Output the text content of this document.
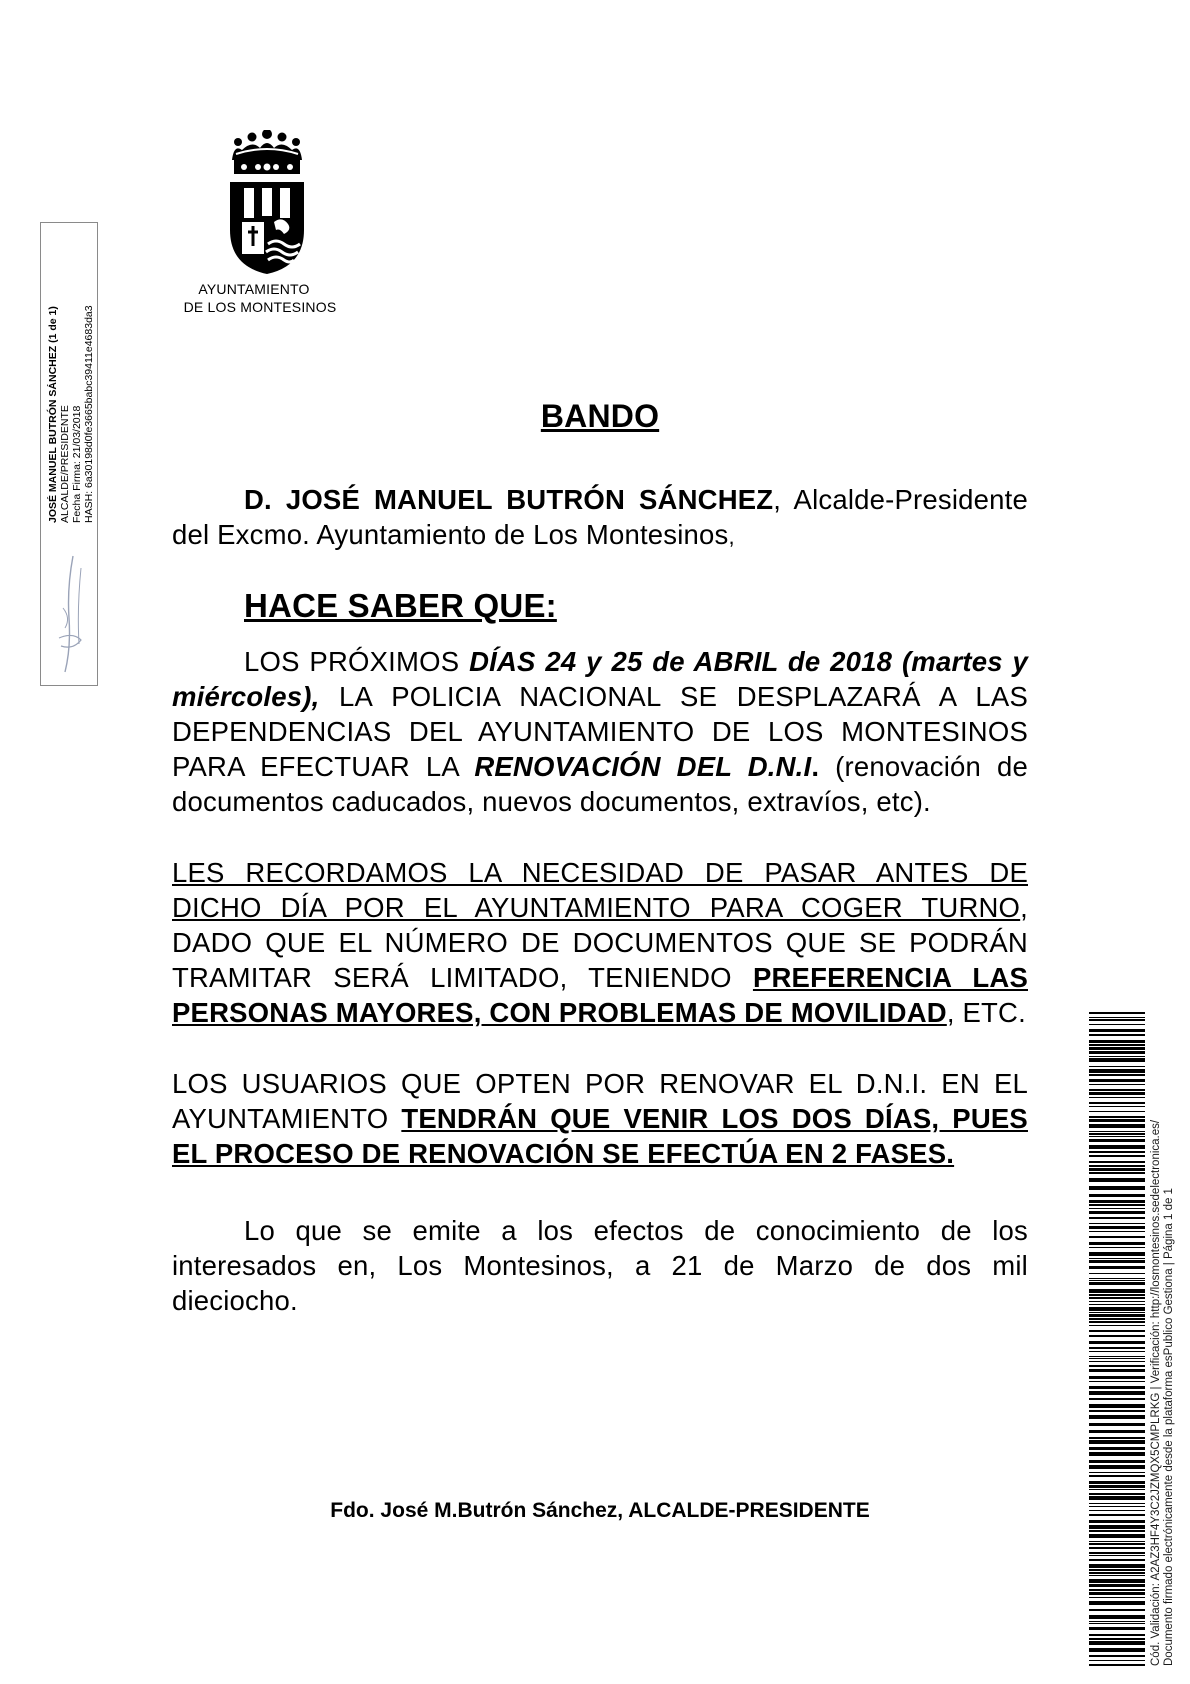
AYUNTAMIENTO
DE LOS MONTESINOS
JOSÉ MANUEL BUTRÓN SÁNCHEZ (1 de 1) ALCALDE/PRESIDENTE Fecha Firma: 21/03/2018 HASH: 6a30198d0fe3665babc39411e4683da3	BANDO

D. JOSÉ MANUEL BUTRÓN SÁNCHEZ, Alcalde-Presidente del Excmo. Ayuntamiento de Los Montesinos,

HACE SABER QUE:

LOS PRÓXIMOS DÍAS 24 y 25 de ABRIL de 2018 (martes y miércoles), LA POLICIA NACIONAL SE DESPLAZARÁ A LAS DEPENDENCIAS DEL AYUNTAMIENTO DE LOS MONTESINOS PARA EFECTUAR LA RENOVACIÓN DEL D.N.I. (renovación de documentos caducados, nuevos documentos, extravíos, etc).

LES RECORDAMOS LA NECESIDAD DE PASAR ANTES DE DICHO DÍA POR EL AYUNTAMIENTO PARA COGER TURNO, DADO QUE EL NÚMERO DE DOCUMENTOS QUE SE PODRÁN TRAMITAR SERÁ LIMITADO, TENIENDO PREFERENCIA LAS PERSONAS MAYORES, CON PROBLEMAS DE MOVILIDAD, ETC.

LOS USUARIOS QUE OPTEN POR RENOVAR EL D.N.I. EN EL AYUNTAMIENTO TENDRÁN QUE VENIR LOS DOS DÍAS, PUES EL PROCESO DE RENOVACIÓN SE EFECTÚA EN 2 FASES.

Lo que se emite a los efectos de conocimiento de los interesados en, Los Montesinos, a 21 de Marzo de dos mil dieciocho.

Fdo. José M.Butrón Sánchez, ALCALDE-PRESIDENTE	Cód. Validación: A2AZ3HF4Y3C2JZMQX5CMPLRKG | Verificación: http://losmontesinos.sedelectronica.es/ Documento firmado electrónicamente desde la plataforma esPublico Gestiona | Página 1 de 1
